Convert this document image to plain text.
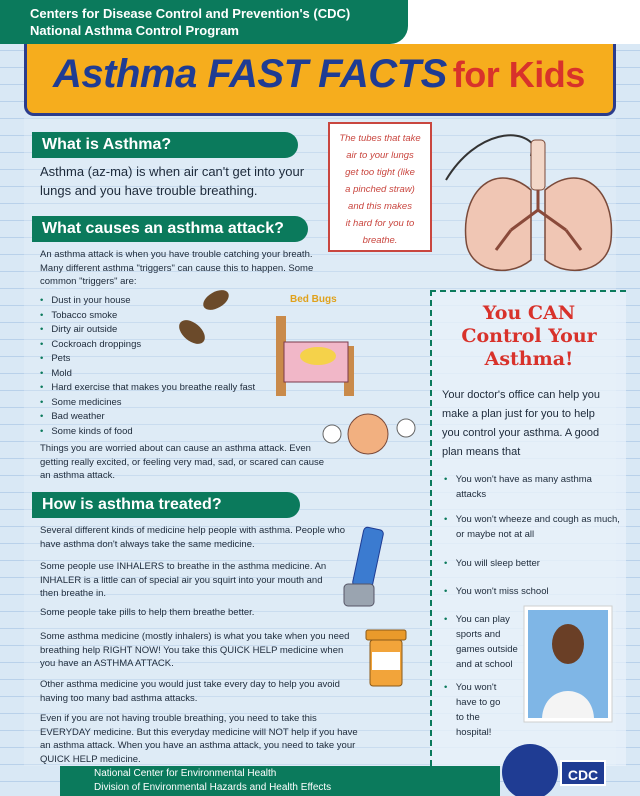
Centers for Disease Control and Prevention's (CDC)
National Asthma Control Program
Asthma FAST FACTS for Kids
What is Asthma?
Asthma (az-ma) is when air can't get into your
lungs and you have trouble breathing.
The tubes that take
air to your lungs
get too tight (like
a pinched straw)
and this makes
it hard for you to
breathe.
What causes an asthma attack?
An asthma attack is when you have trouble catching your breath.
Many different asthma "triggers" can cause this to happen. Some
common "triggers" are:
• Dust in your house
• Tobacco smoke
• Dirty air outside
• Cockroach droppings
• Pets
• Mold
• Hard exercise that makes you breathe really fast
• Some medicines
• Bad weather
• Some kinds of food
Things you are worried about can cause an asthma attack. Even
getting really excited, or feeling very mad, sad, or scared can cause
an asthma attack.
Bed Bugs
How is asthma treated?
Several different kinds of medicine help people with asthma. People who
have asthma don't always take the same medicine.
Some people use INHALERS to breathe in the asthma medicine. An
INHALER is a little can of special air you squirt into your mouth and
then breathe in.
Some people take pills to help them breathe better.
Some asthma medicine (mostly inhalers) is what you take when you need
breathing help RIGHT NOW! You take this QUICK HELP medicine when
you have an ASTHMA ATTACK.
Other asthma medicine you would just take every day to help you avoid
having too many bad asthma attacks.
Even if you are not having trouble breathing, you need to take this
EVERYDAY medicine. But this everyday medicine will NOT help if you have
an asthma attack. When you have an asthma attack, you need to take your
QUICK HELP medicine.
You CAN
Control Your
Asthma!
Your doctor's office can help you
make a plan just for you to help
you control your asthma. A good
plan means that
• You won't have as many asthma
attacks
• You won't wheeze and cough as much,
or maybe not at all
• You will sleep better
• You won't miss school
• You can play
sports and
games outside
and at school
• You won't
have to go
to the
hospital!
National Center for Environmental Health
Division of Environmental Hazards and Health Effects
CDC
